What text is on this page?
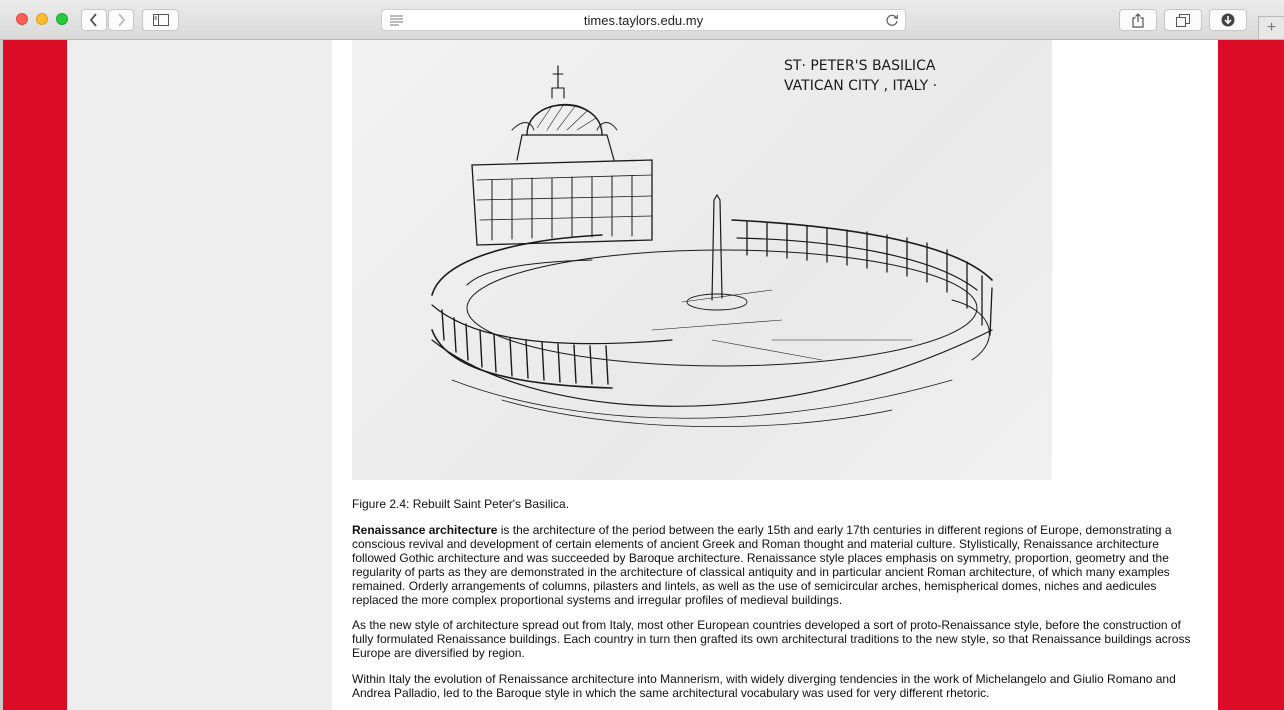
times.taylors.edu.my	+
ST· PETER'S BASILICA
VATICAN CITY , ITALY ·

Figure 2.4: Rebuilt Saint Peter's Basilica.

Renaissance architecture is the architecture of the period between the early 15th and early 17th centuries in different regions of Europe, demonstrating a conscious revival and development of certain elements of ancient Greek and Roman thought and material culture. Stylistically, Renaissance architecture followed Gothic architecture and was succeeded by Baroque architecture. Renaissance style places emphasis on symmetry, proportion, geometry and the regularity of parts as they are demonstrated in the architecture of classical antiquity and in particular ancient Roman architecture, of which many examples remained. Orderly arrangements of columns, pilasters and lintels, as well as the use of semicircular arches, hemispherical domes, niches and aedicules replaced the more complex proportional systems and irregular profiles of medieval buildings.

As the new style of architecture spread out from Italy, most other European countries developed a sort of proto-Renaissance style, before the construction of fully formulated Renaissance buildings. Each country in turn then grafted its own architectural traditions to the new style, so that Renaissance buildings across Europe are diversified by region.

Within Italy the evolution of Renaissance architecture into Mannerism, with widely diverging tendencies in the work of Michelangelo and Giulio Romano and Andrea Palladio, led to the Baroque style in which the same architectural vocabulary was used for very different rhetoric.
